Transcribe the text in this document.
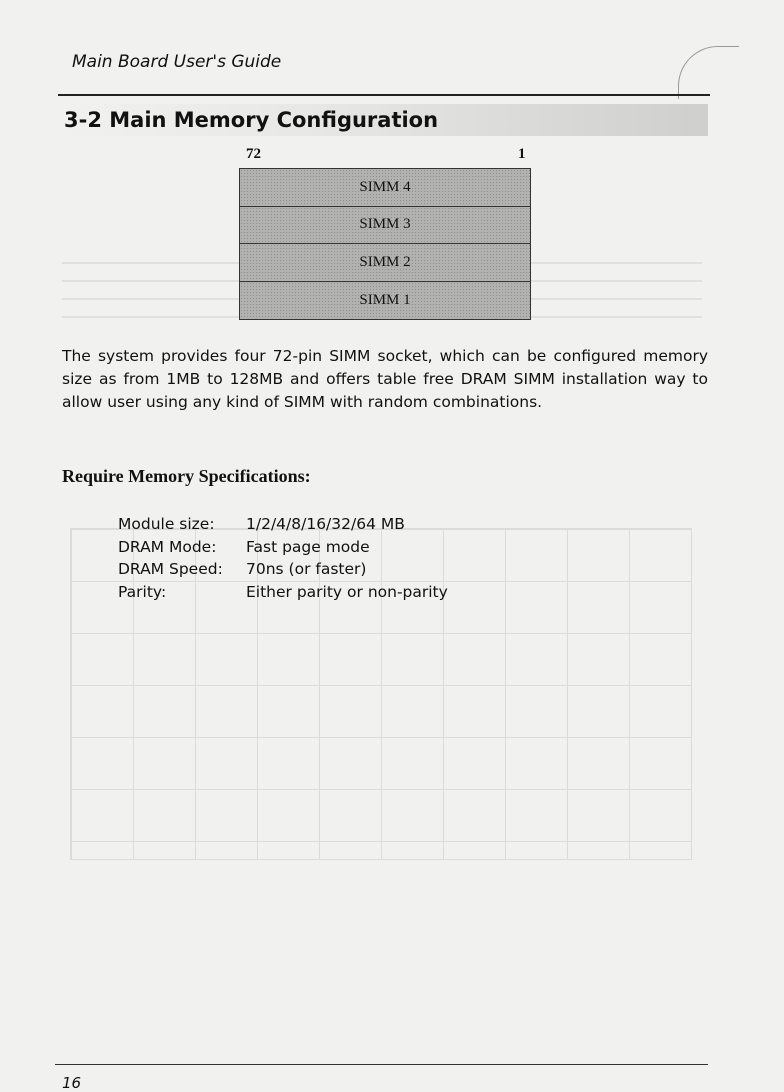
Main Board User's Guide
3-2 Main Memory Configuration
72	1
SIMM 4
SIMM 3
SIMM 2
SIMM 1

The system provides four 72-pin SIMM socket, which can be configured memory size as from 1MB to 128MB and offers table free DRAM SIMM installation way to allow user using any kind of SIMM with random combinations.

Require Memory Specifications:
Module size:	1/2/4/8/16/32/64 MB
DRAM Mode:	Fast page mode
DRAM Speed:	70ns (or faster)
Parity:	Either parity or non-parity
16
